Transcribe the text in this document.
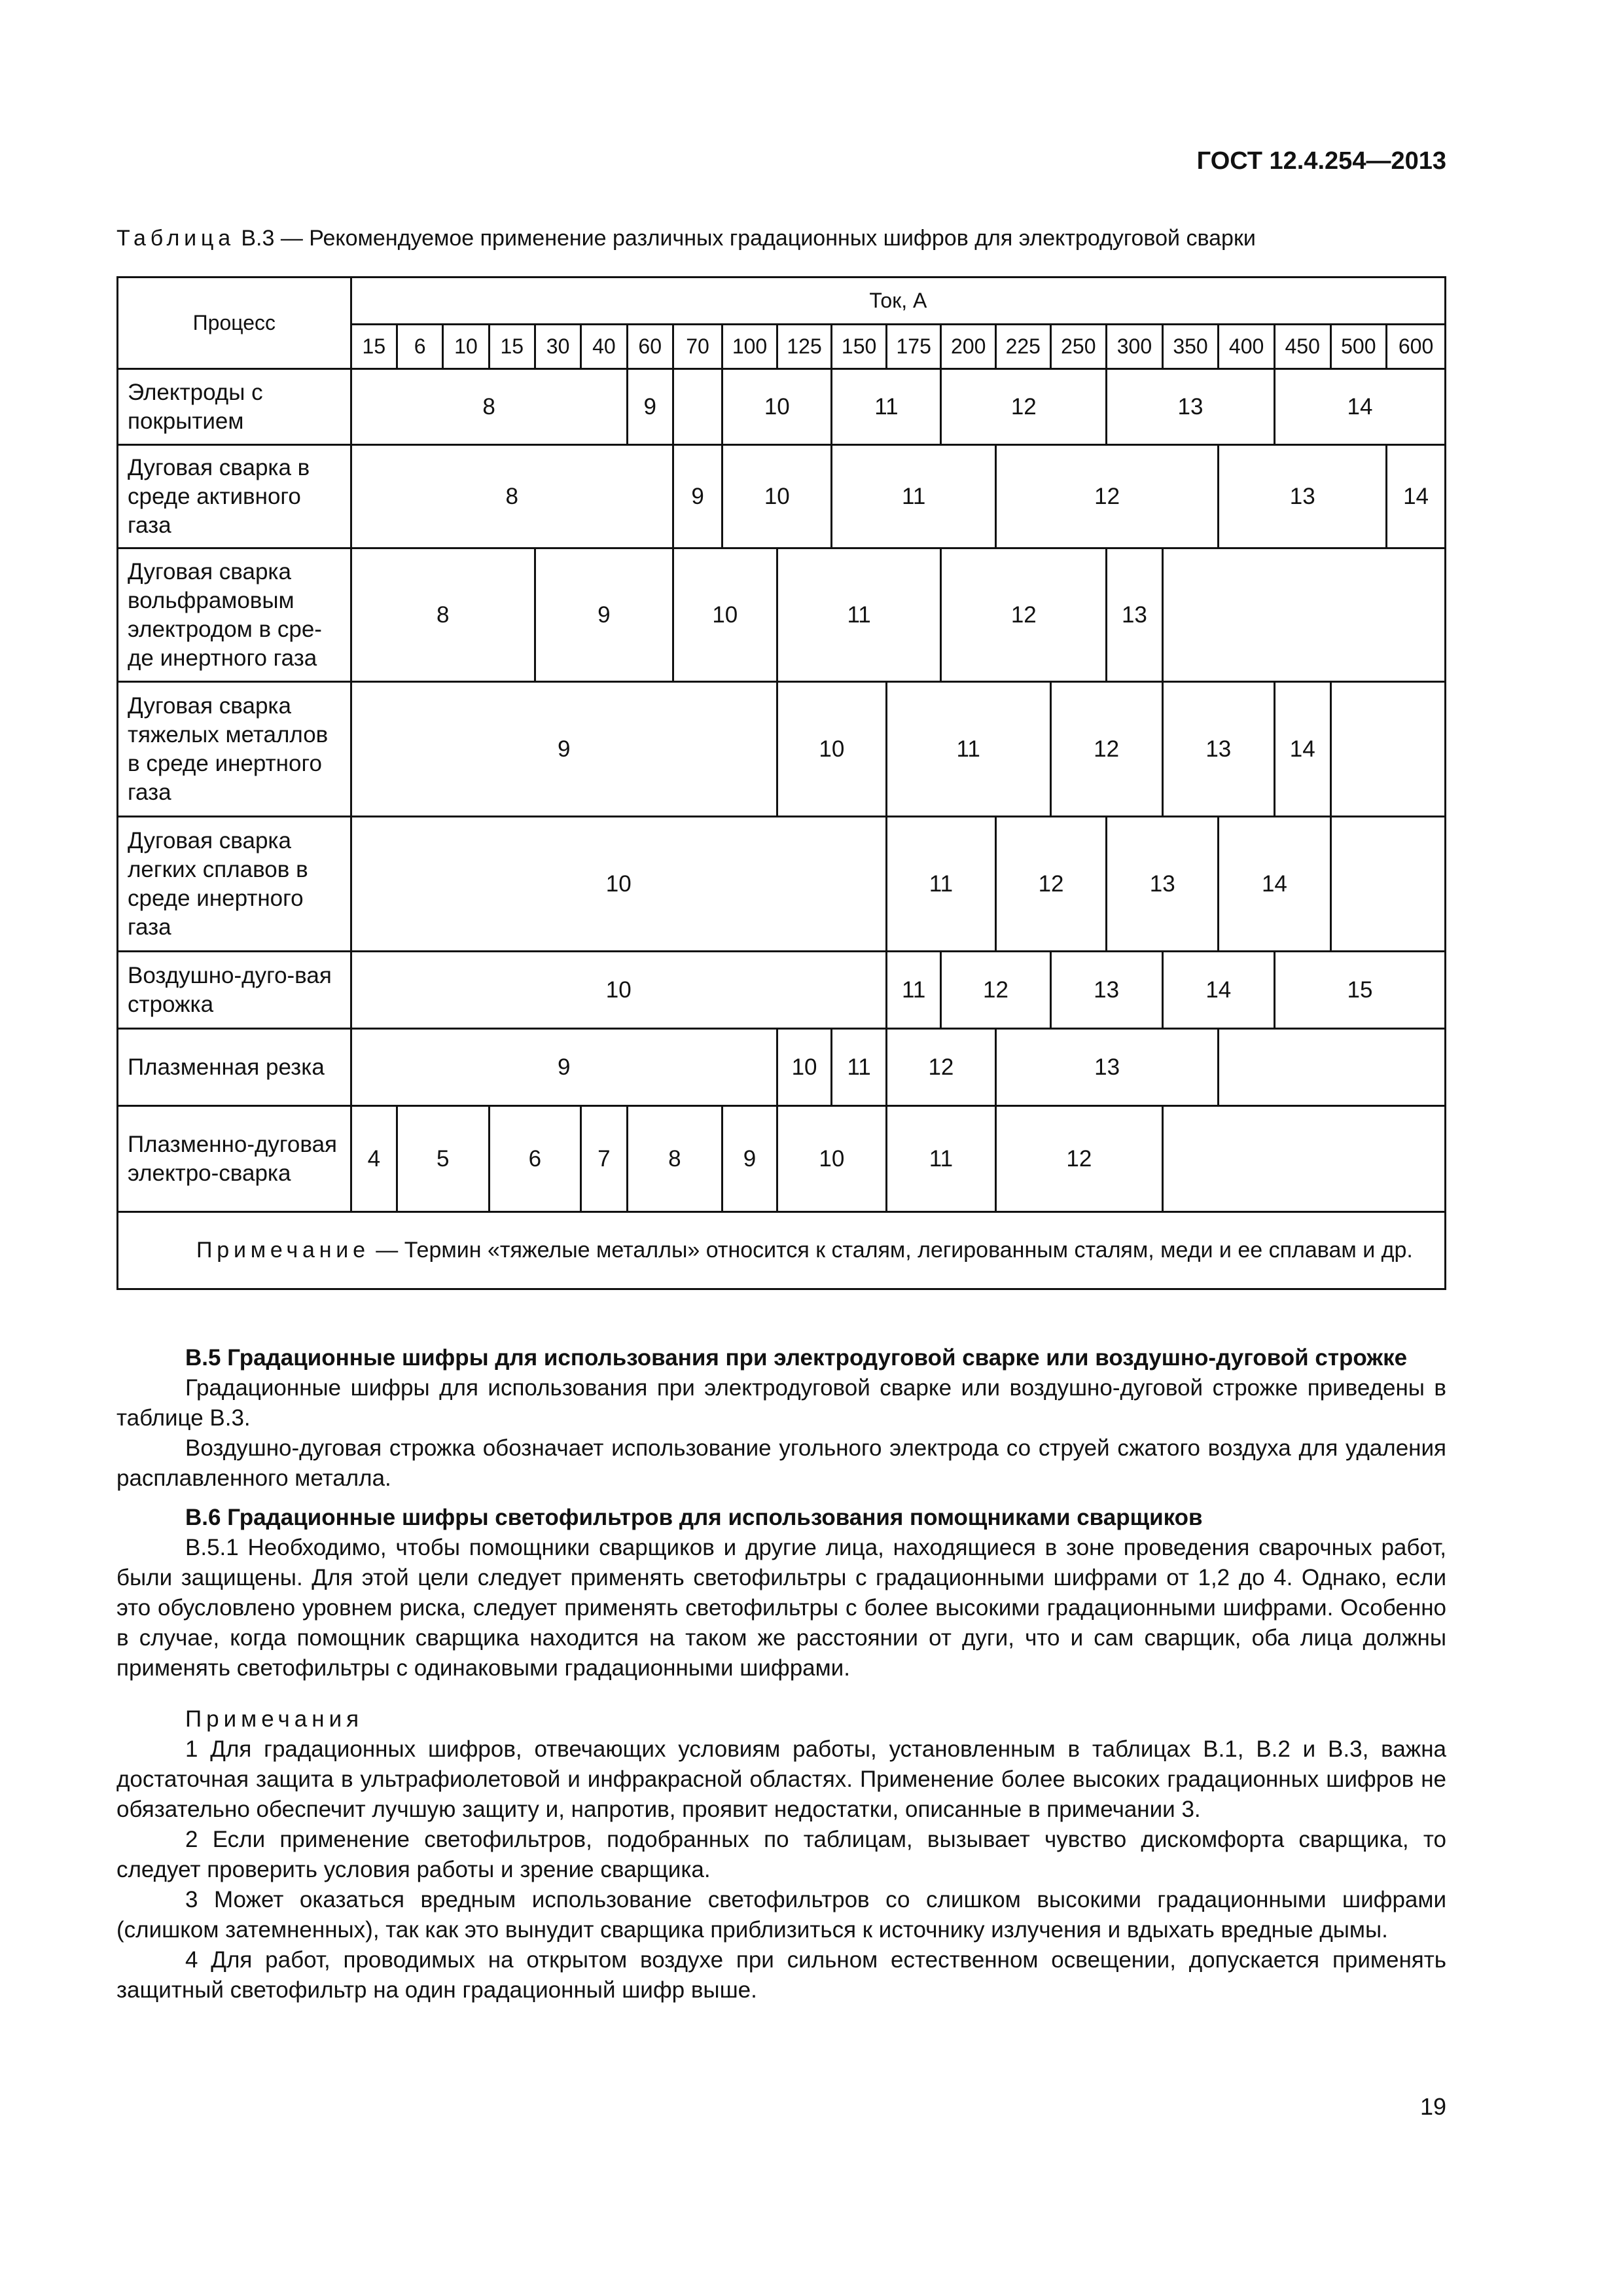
ГОСТ 12.4.254—2013
Таблица В.3 — Рекомендуемое применение различных градационных шифров для электродуговой сварки
Процесс	Ток, А																				
	15	6	10	15	30	40	60	70	100	125	150	175	200	225	250	300	350	400	450	500	600
Электроды с покрытием	8						9		10		11		12			13			14		
Дуговая сварка в среде активного газа	8							9	10		11			12				13			14
Дуговая сварка вольфрамовым электродом в сре-де инертного газа	8				9			10		11			12			13					
Дуговая сварка тяжелых металлов в среде инертного газа	9									10		11			12		13		14		
Дуговая сварка легких сплавов в среде инертного газа	10											11		12		13		14			
Воздушно-дуго-вая строжка	10											11	12		13		14		15		
Плазменная резка	9									10	11	12		13							
Плазменно-дуговая электро-сварка	4	5		6		7	8		9	10		11		12							
Примечание — Термин «тяжелые металлы» относится к сталям, легированным сталям, меди и ее сплавам и др.																					

В.5 Градационные шифры для использования при электродуговой сварке или воздушно-дуговой строжке

Градационные шифры для использования при электродуговой сварке или воздушно-дуговой строжке приведены в таблице В.3.

Воздушно-дуговая строжка обозначает использование угольного электрода со струей сжатого воздуха для удаления расплавленного металла.

В.6 Градационные шифры светофильтров для использования помощниками сварщиков

В.5.1 Необходимо, чтобы помощники сварщиков и другие лица, находящиеся в зоне проведения сварочных работ, были защищены. Для этой цели следует применять светофильтры с градационными шифрами от 1,2 до 4. Однако, если это обусловлено уровнем риска, следует применять светофильтры с более высокими градационными шифрами. Особенно в случае, когда помощник сварщика находится на таком же расстоянии от дуги, что и сам сварщик, оба лица должны применять светофильтры с одинаковыми градационными шифрами.

Примечания

1 Для градационных шифров, отвечающих условиям работы, установленным в таблицах В.1, В.2 и В.3, важна достаточная защита в ультрафиолетовой и инфракрасной областях. Применение более высоких градационных шифров не обязательно обеспечит лучшую защиту и, напротив, проявит недостатки, описанные в примечании 3.

2 Если применение светофильтров, подобранных по таблицам, вызывает чувство дискомфорта сварщика, то следует проверить условия работы и зрение сварщика.

3 Может оказаться вредным использование светофильтров со слишком высокими градационными шифрами (слишком затемненных), так как это вынудит сварщика приблизиться к источнику излучения и вдыхать вредные дымы.

4 Для работ, проводимых на открытом воздухе при сильном естественном освещении, допускается применять защитный светофильтр на один градационный шифр выше.

19
